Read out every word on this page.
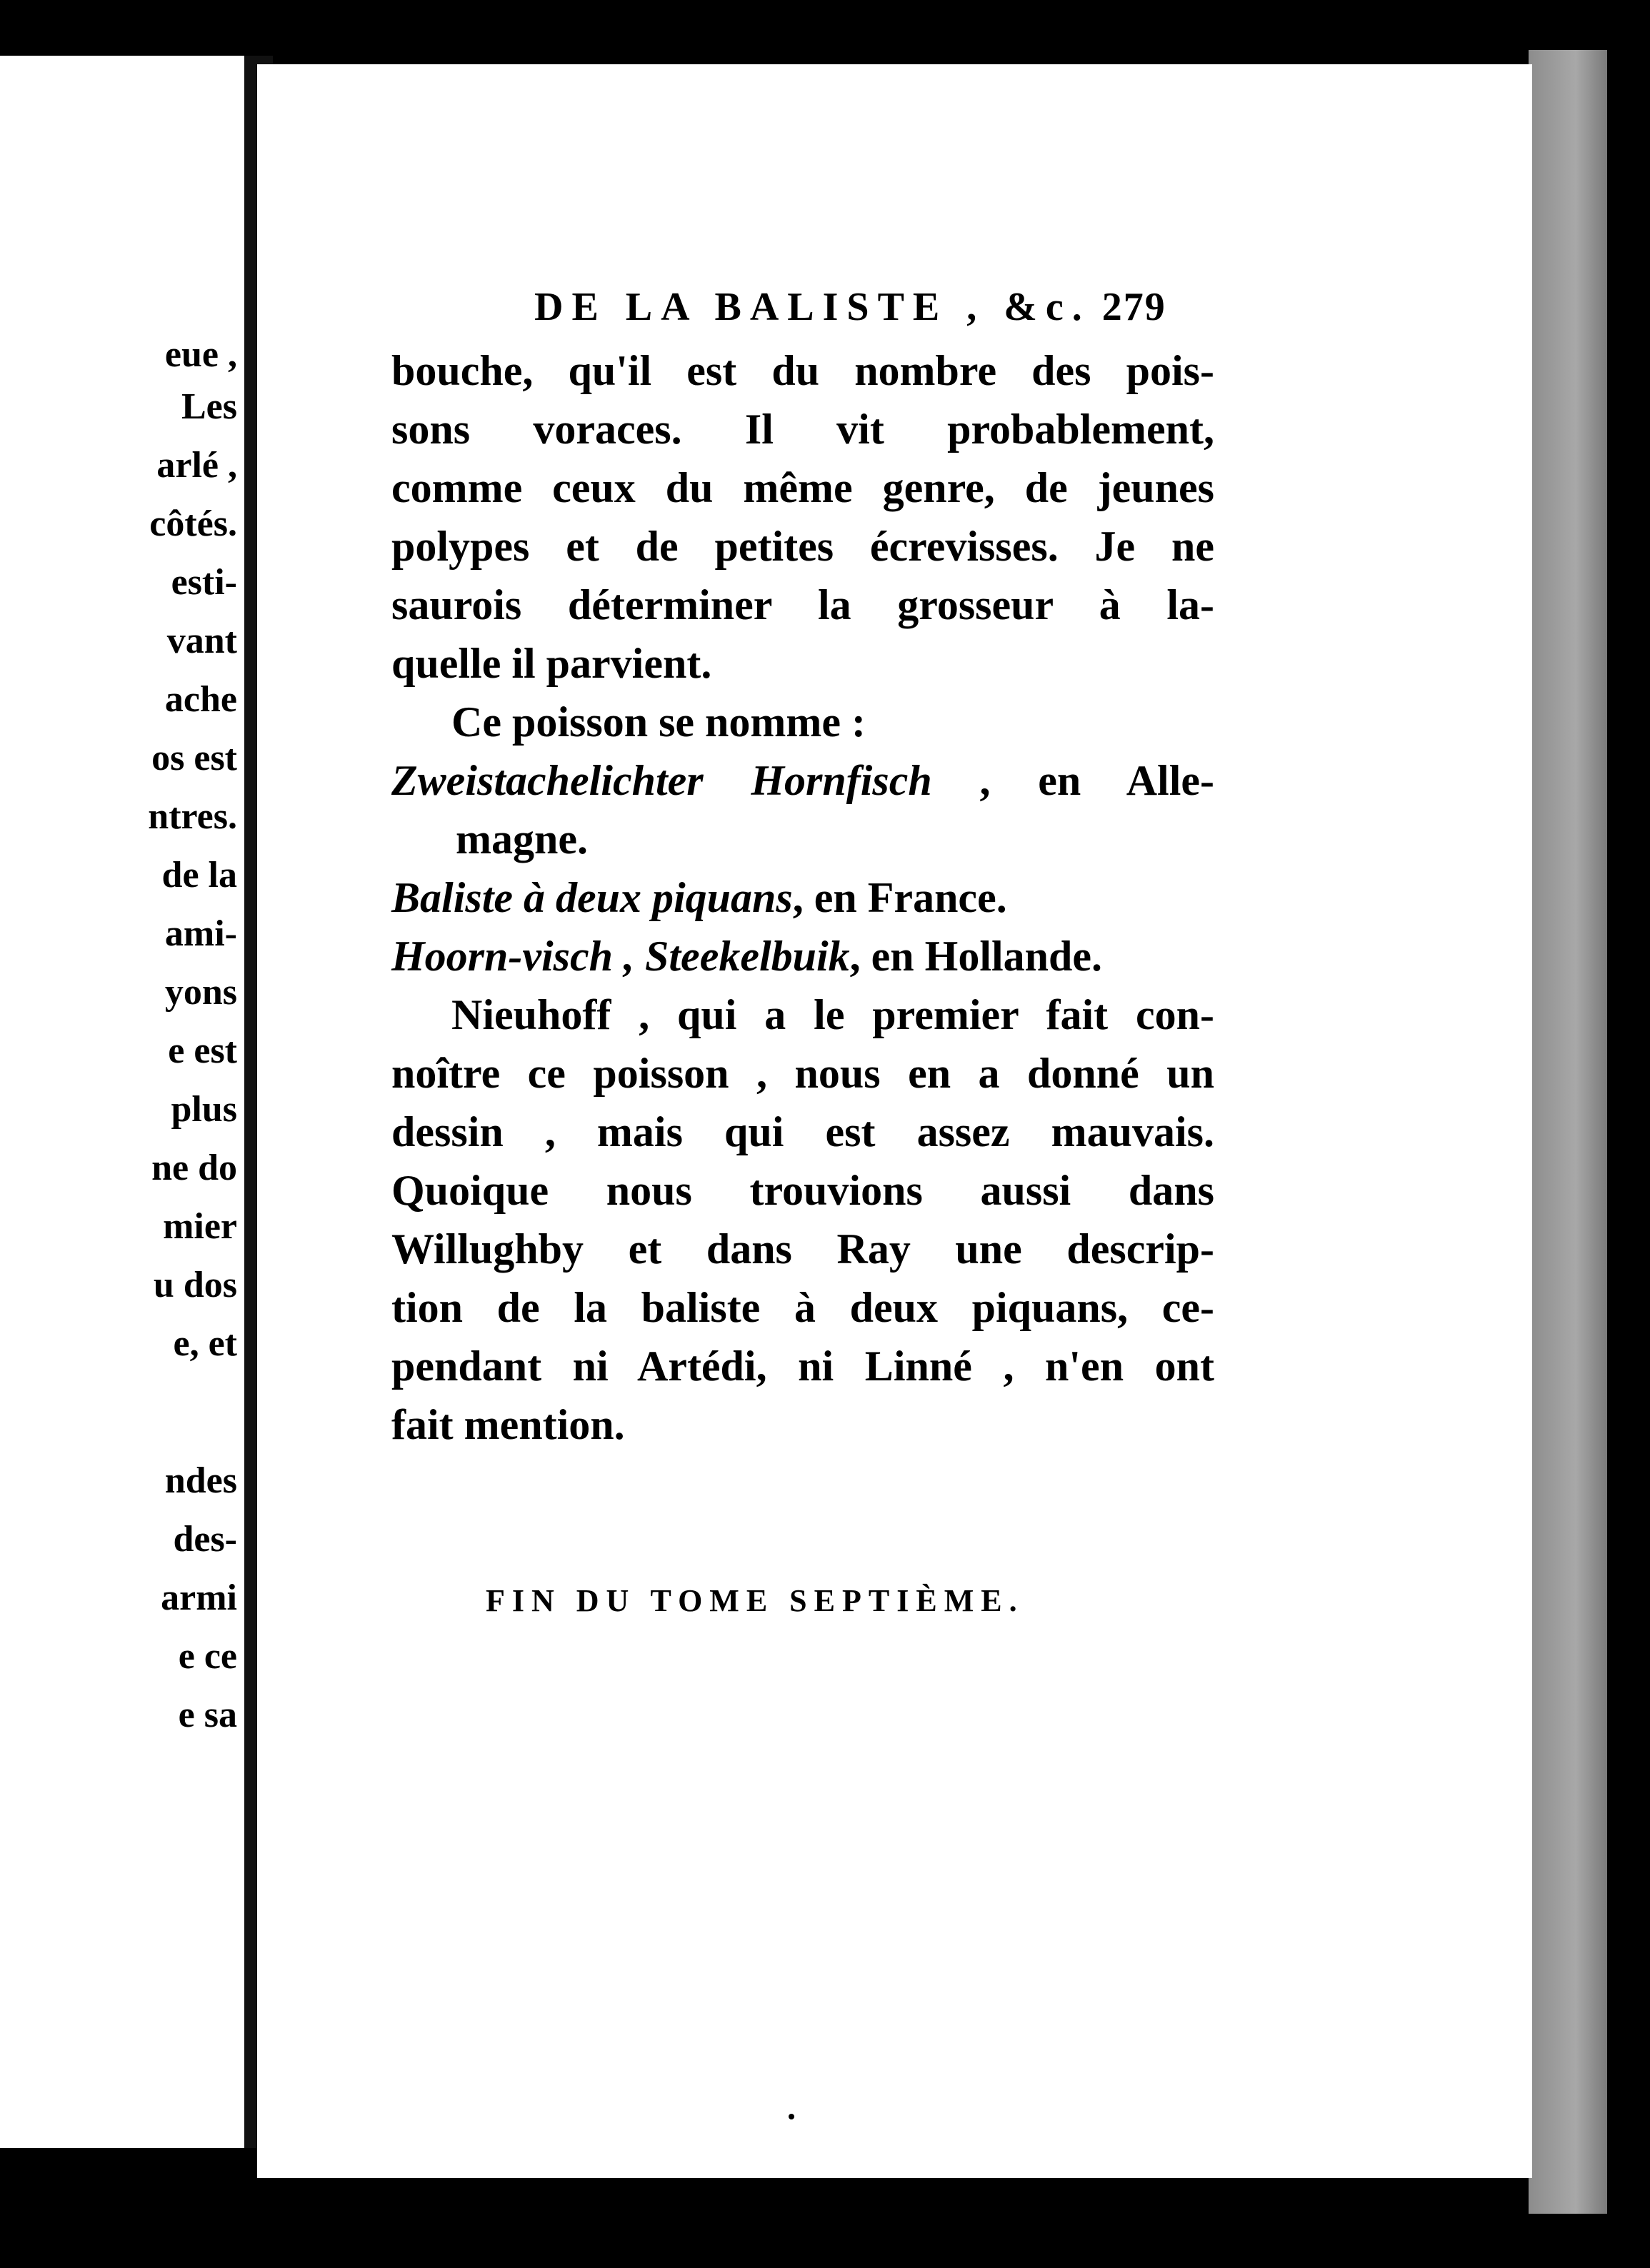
eue ,
Les
arlé ,
côtés.
esti-
vant
ache
os est
ntres.
de la
ami-
yons
e est
plus
ne do
mier
u dos
e, et
ndes
des-
armi
e ce
e sa
DE LA BALISTE , &c. 279
bouche, qu'il est du nombre des pois-
sons voraces. Il vit probablement,
comme ceux du même genre, de jeunes
polypes et de petites écrevisses. Je ne
saurois déterminer la grosseur à la-
quelle il parvient.
Ce poisson se nomme :
Zweistachelichter Hornfisch , en Alle-
magne.
Baliste à deux piquans, en France.
Hoorn-visch , Steekelbuik, en Hollande.
Nieuhoff , qui a le premier fait con-
noître ce poisson , nous en a donné un
dessin , mais qui est assez mauvais.
Quoique nous trouvions aussi dans
Willughby et dans Ray une descrip-
tion de la baliste à deux piquans, ce-
pendant ni Artédi, ni Linné , n'en ont
fait mention.
FIN DU TOME SEPTIÈME.
